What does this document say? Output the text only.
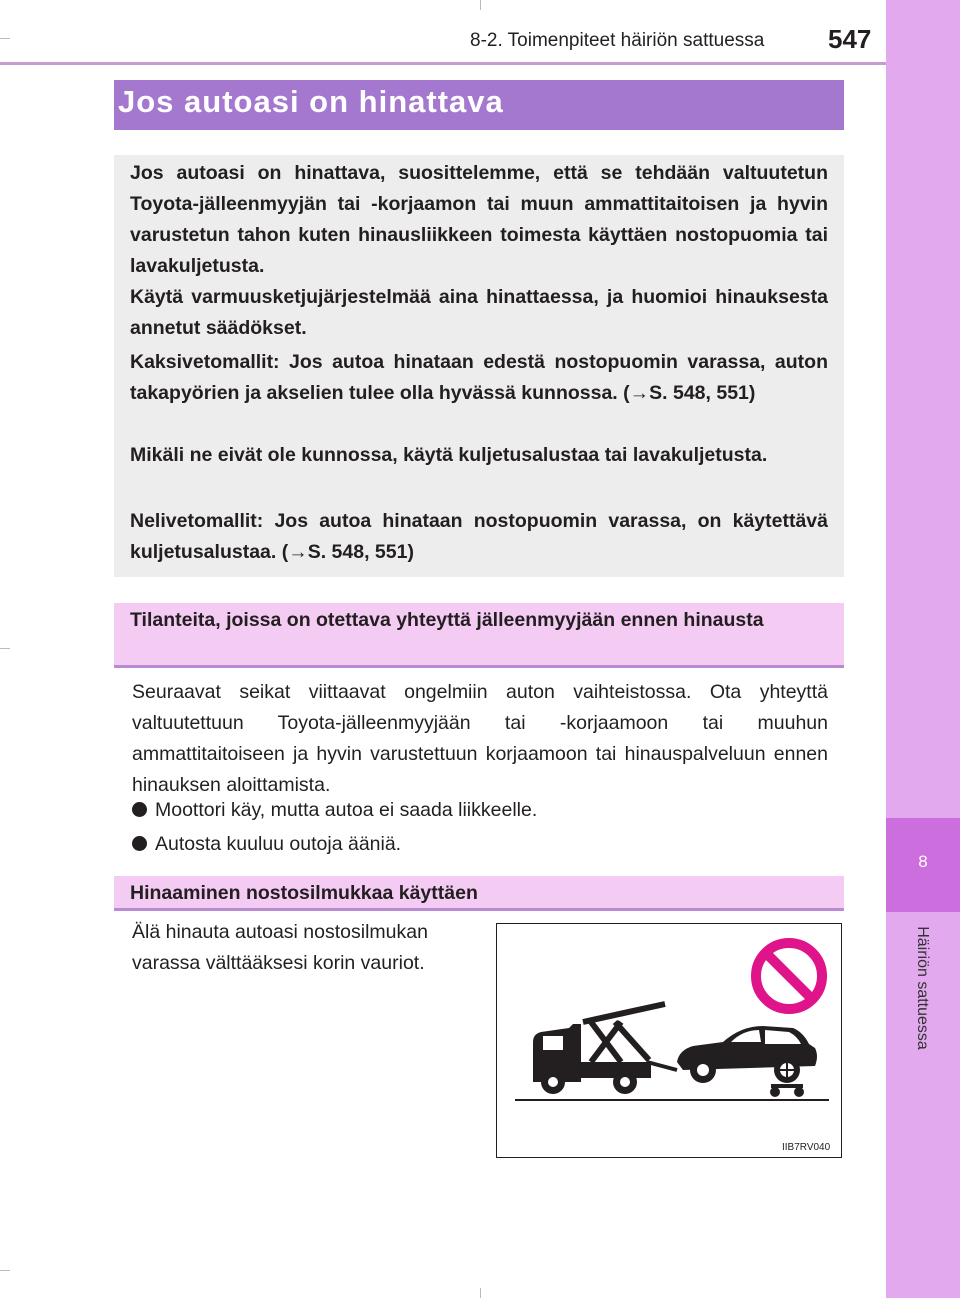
8-2. Toimenpiteet häiriön sattuessa 547
8
Häiriön sattuessa
Jos autoasi on hinattava

Jos autoasi on hinattava, suosittelemme, että se tehdään valtuutetun Toyota-jälleenmyyjän tai -korjaamon tai muun ammattitaitoisen ja hyvin varustetun tahon kuten hinausliikkeen toimesta käyttäen nostopuomia tai lavakuljetusta.

Käytä varmuusketjujärjestelmää aina hinattaessa, ja huomioi hinauksesta annetut säädökset.

Kaksivetomallit: Jos autoa hinataan edestä nostopuomin varassa, auton takapyörien ja akselien tulee olla hyvässä kunnossa. (→S. 548, 551)

Mikäli ne eivät ole kunnossa, käytä kuljetusalustaa tai lavakuljetusta.

Nelivetomallit: Jos autoa hinataan nostopuomin varassa, on käytettävä kuljetusalustaa. (→S. 548, 551)

Tilanteita, joissa on otettava yhteyttä jälleenmyyjään ennen hinausta

Seuraavat seikat viittaavat ongelmiin auton vaihteistossa. Ota yhteyttä valtuutettuun Toyota-jälleenmyyjään tai -korjaamoon tai muuhun ammattitaitoiseen ja hyvin varustettuun korjaamoon tai hinauspalveluun ennen hinauksen aloittamista.

Moottori käy, mutta autoa ei saada liikkeelle.
Autosta kuuluu outoja ääniä.

Hinaaminen nostosilmukkaa käyttäen

Älä hinauta autoasi nostosilmukan
varassa välttääksesi korin vauriot.
IIB7RV040
